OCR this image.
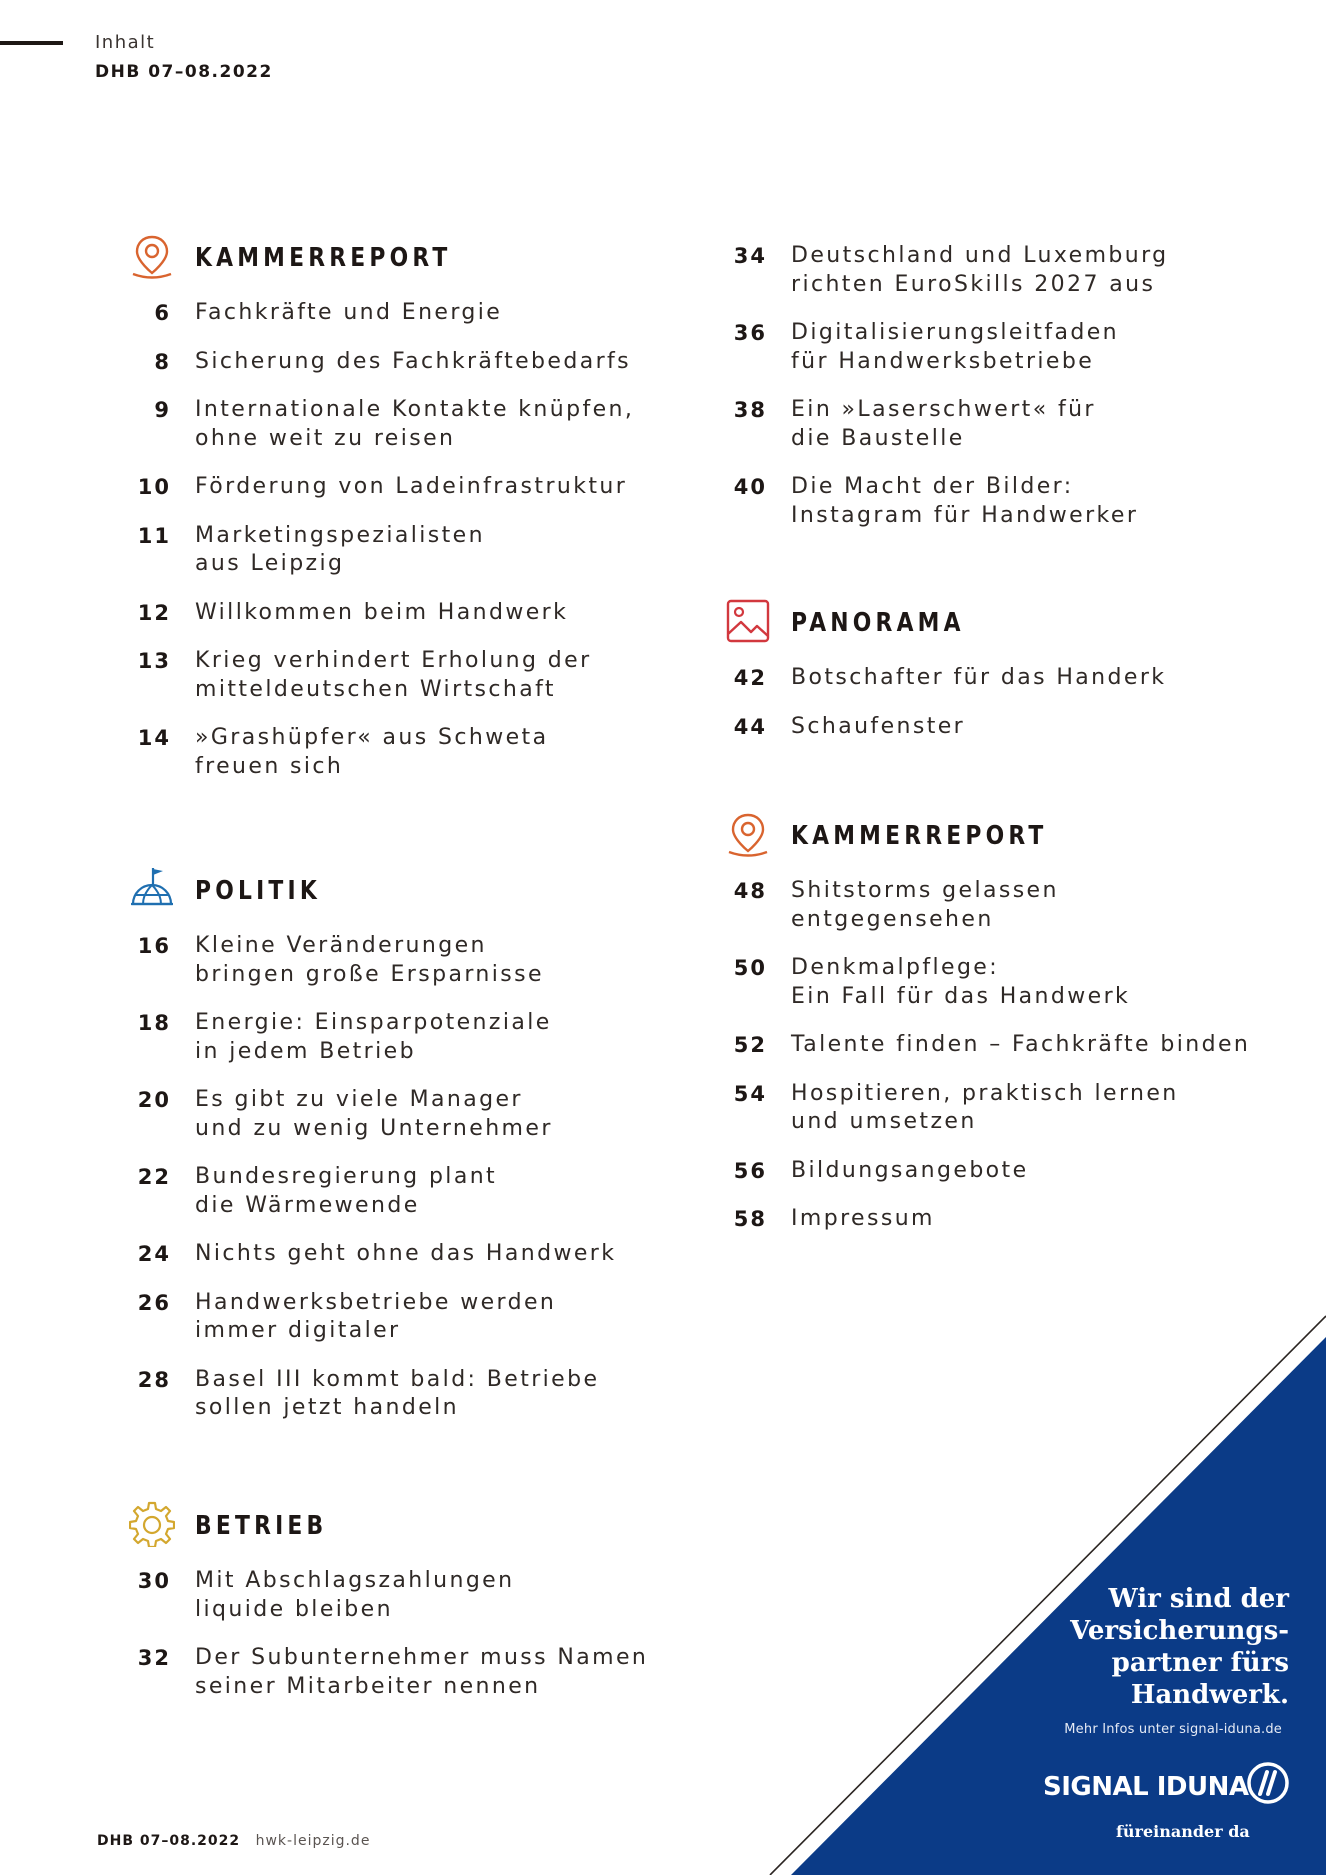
Inhalt
DHB 07–08.2022
KAMMERREPORT
6 Fachkräfte und Energie
8 Sicherung des Fachkräftebedarfs
9 Internationale Kontakte knüpfen,
ohne weit zu reisen
10 Förderung von Ladeinfrastruktur
11 Marketingspezialisten
aus Leipzig
12 Willkommen beim Handwerk
13 Krieg verhindert Erholung der
mitteldeutschen Wirtschaft
14 »Grashüpfer« aus Schweta
freuen sich
POLITIK
16 Kleine Veränderungen
bringen große Ersparnisse
18 Energie: Einsparpotenziale
in jedem Betrieb
20 Es gibt zu viele Manager
und zu wenig Unternehmer
22 Bundesregierung plant
die Wärmewende
24 Nichts geht ohne das Handwerk
26 Handwerksbetriebe werden
immer digitaler
28 Basel III kommt bald: Betriebe
sollen jetzt handeln
BETRIEB
30 Mit Abschlagszahlungen
liquide bleiben
32 Der Subunternehmer muss Namen
seiner Mitarbeiter nennen
34 Deutschland und Luxemburg
richten EuroSkills 2027 aus
36 Digitalisierungsleitfaden
für Handwerksbetriebe
38 Ein »Laserschwert« für
die Baustelle
40 Die Macht der Bilder:
Instagram für Handwerker
PANORAMA
42 Botschafter für das Handerk
44 Schaufenster
KAMMERREPORT
48 Shitstorms gelassen
entgegensehen
50 Denkmalpflege:
Ein Fall für das Handwerk
52 Talente finden – Fachkräfte binden
54 Hospitieren, praktisch lernen
und umsetzen
56 Bildungsangebote
58 Impressum
Wir sind der
Versicherungs-
partner fürs
Handwerk.
Mehr Infos unter signal-iduna.de
SIGNAL IDUNA
füreinander da
DHB 07–08.2022 hwk-leipzig.de
